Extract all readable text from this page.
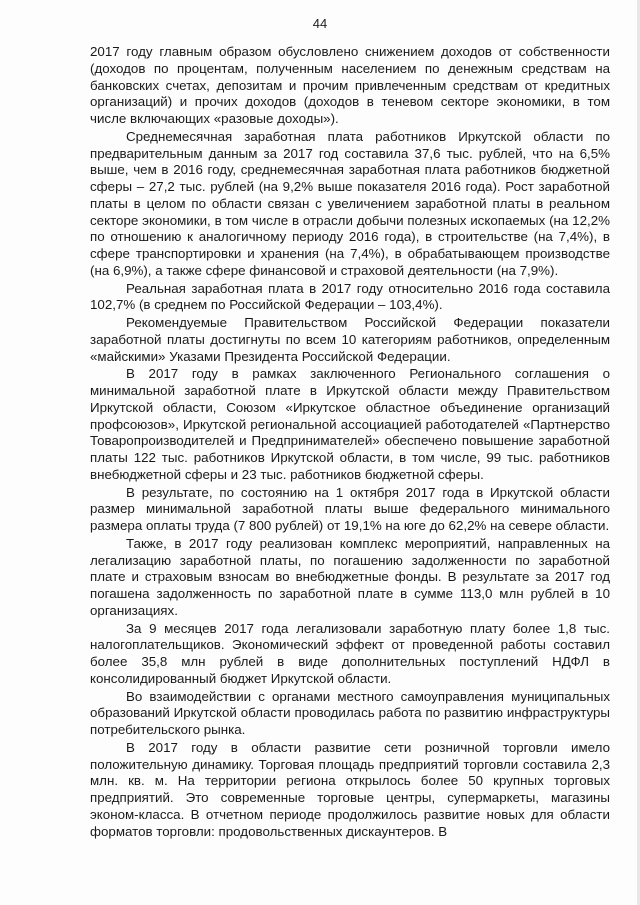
44

2017 году главным образом обусловлено снижением доходов от собственности (доходов по процентам, полученным населением по денежным средствам на банковских счетах, депозитам и прочим привлеченным средствам от кредитных организаций) и прочих доходов (доходов в теневом секторе экономики, в том числе включающих «разовые доходы»).

Среднемесячная заработная плата работников Иркутской области по предварительным данным за 2017 год составила 37,6 тыс. рублей, что на 6,5% выше, чем в 2016 году, среднемесячная заработная плата работников бюджетной сферы – 27,2 тыс. рублей (на 9,2% выше показателя 2016 года). Рост заработной платы в целом по области связан с увеличением заработной платы в реальном секторе экономики, в том числе в отрасли добычи полезных ископаемых (на 12,2% по отношению к аналогичному периоду 2016 года), в строительстве (на 7,4%), в сфере транспортировки и хранения (на 7,4%), в обрабатывающем производстве (на 6,9%), а также сфере финансовой и страховой деятельности (на 7,9%).

Реальная заработная плата в 2017 году относительно 2016 года составила 102,7% (в среднем по Российской Федерации – 103,4%).

Рекомендуемые Правительством Российской Федерации показатели заработной платы достигнуты по всем 10 категориям работников, определенным «майскими» Указами Президента Российской Федерации.

В 2017 году в рамках заключенного Регионального соглашения о минимальной заработной плате в Иркутской области между Правительством Иркутской области, Союзом «Иркутское областное объединение организаций профсоюзов», Иркутской региональной ассоциацией работодателей «Партнерство Товаропроизводителей и Предпринимателей» обеспечено повышение заработной платы 122 тыс. работников Иркутской области, в том числе, 99 тыс. работников внебюджетной сферы и 23 тыс. работников бюджетной сферы.

В результате, по состоянию на 1 октября 2017 года в Иркутской области размер минимальной заработной платы выше федерального минимального размера оплаты труда (7 800 рублей) от 19,1% на юге до 62,2% на севере области.

Также, в 2017 году реализован комплекс мероприятий, направленных на легализацию заработной платы, по погашению задолженности по заработной плате и страховым взносам во внебюджетные фонды. В результате за 2017 год погашена задолженность по заработной плате в сумме 113,0 млн рублей в 10 организациях.

За 9 месяцев 2017 года легализовали заработную плату более 1,8 тыс. налогоплательщиков. Экономический эффект от проведенной работы составил более 35,8 млн рублей в виде дополнительных поступлений НДФЛ в консолидированный бюджет Иркутской области.

Во взаимодействии с органами местного самоуправления муниципальных образований Иркутской области проводилась работа по развитию инфраструктуры потребительского рынка.

В 2017 году в области развитие сети розничной торговли имело положительную динамику. Торговая площадь предприятий торговли составила 2,3 млн. кв. м. На территории региона открылось более 50 крупных торговых предприятий. Это современные торговые центры, супермаркеты, магазины эконом-класса. В отчетном периоде продолжилось развитие новых для области форматов торговли: продовольственных дискаунтеров. В
